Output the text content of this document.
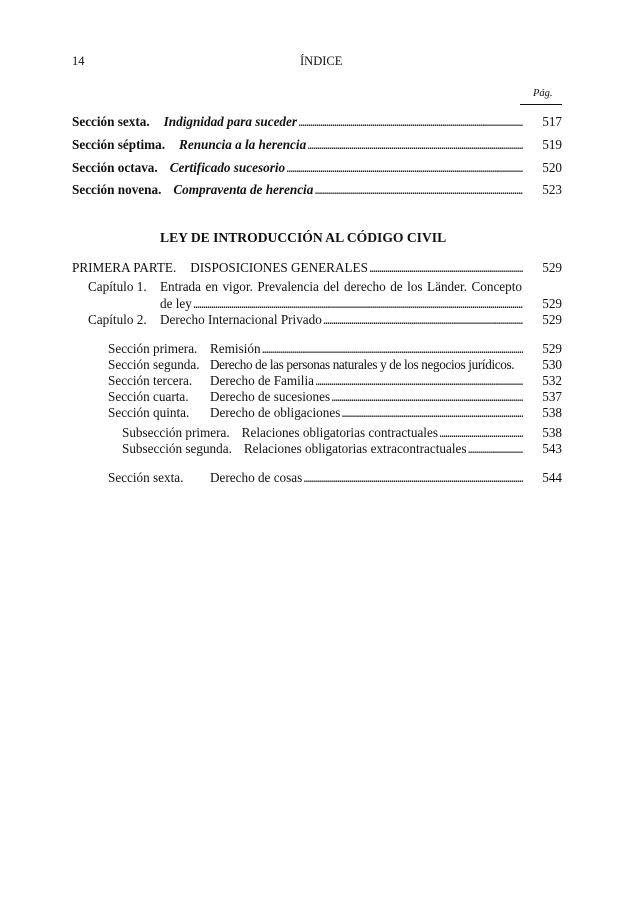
14	ÍNDICE
Pág.
Sección sexta. Indignidad para suceder . . .	517
Sección séptima. Renuncia a la herencia . . .	519
Sección octava. Certificado sucesorio . . .	520
Sección novena. Compraventa de herencia . . .	523
LEY DE INTRODUCCIÓN AL CÓDIGO CIVIL
PRIMERA PARTE. DISPOSICIONES GENERALES . . .	529
Capítulo 1. Entrada en vigor. Prevalencia del derecho de los Länder. Concepto
de ley . . .	529
Capítulo 2. Derecho Internacional Privado . . .	529
Sección primera. Remisión . . .	529
Sección segunda. Derecho de las personas naturales y de los negocios jurídicos.	530
Sección tercera. Derecho de Familia . . .	532
Sección cuarta. Derecho de sucesiones . . .	537
Sección quinta. Derecho de obligaciones . . .	538
Subsección primera. Relaciones obligatorias contractuales . . .	538
Subsección segunda. Relaciones obligatorias extracontractuales . . .	543
Sección sexta. Derecho de cosas . . .	544
